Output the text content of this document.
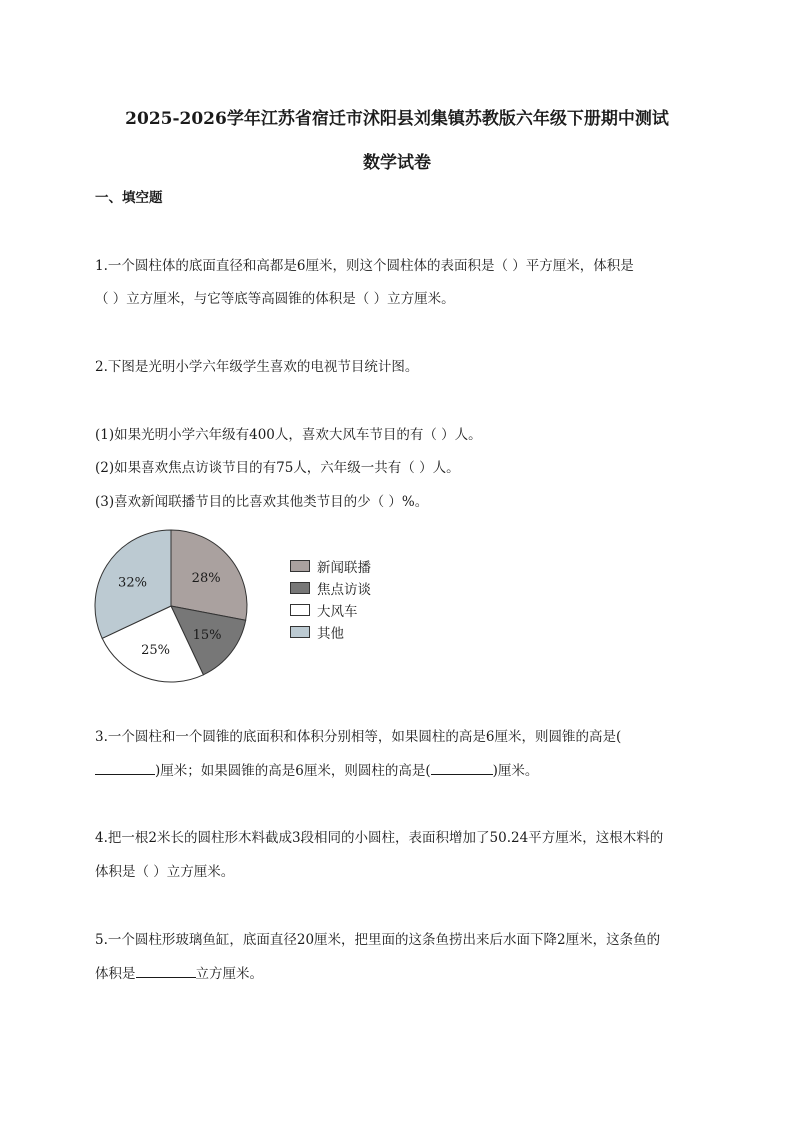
2025-2026学年江苏省宿迁市沭阳县刘集镇苏教版六年级下册期中测试
数学试卷
一、填空题
1.一个圆柱体的底面直径和高都是6厘米，则这个圆柱体的表面积是（ ）平方厘米，体积是
（ ）立方厘米，与它等底等高圆锥的体积是（ ）立方厘米。
2.下图是光明小学六年级学生喜欢的电视节目统计图。
(1)如果光明小学六年级有400人，喜欢大风车节目的有（ ）人。
(2)如果喜欢焦点访谈节目的有75人，六年级一共有（ ）人。
(3)喜欢新闻联播节目的比喜欢其他类节目的少（ ）%。
28%
15%
25%
32%
新闻联播
焦点访谈
大风车
其他
3.一个圆柱和一个圆锥的底面积和体积分别相等，如果圆柱的高是6厘米，则圆锥的高是(
)厘米；如果圆锥的高是6厘米，则圆柱的高是(	)厘米。
4.把一根2米长的圆柱形木料截成3段相同的小圆柱，表面积增加了50.24平方厘米，这根木料的
体积是（ ）立方厘米。
5.一个圆柱形玻璃鱼缸，底面直径20厘米，把里面的这条鱼捞出来后水面下降2厘米，这条鱼的
体积是	立方厘米。
